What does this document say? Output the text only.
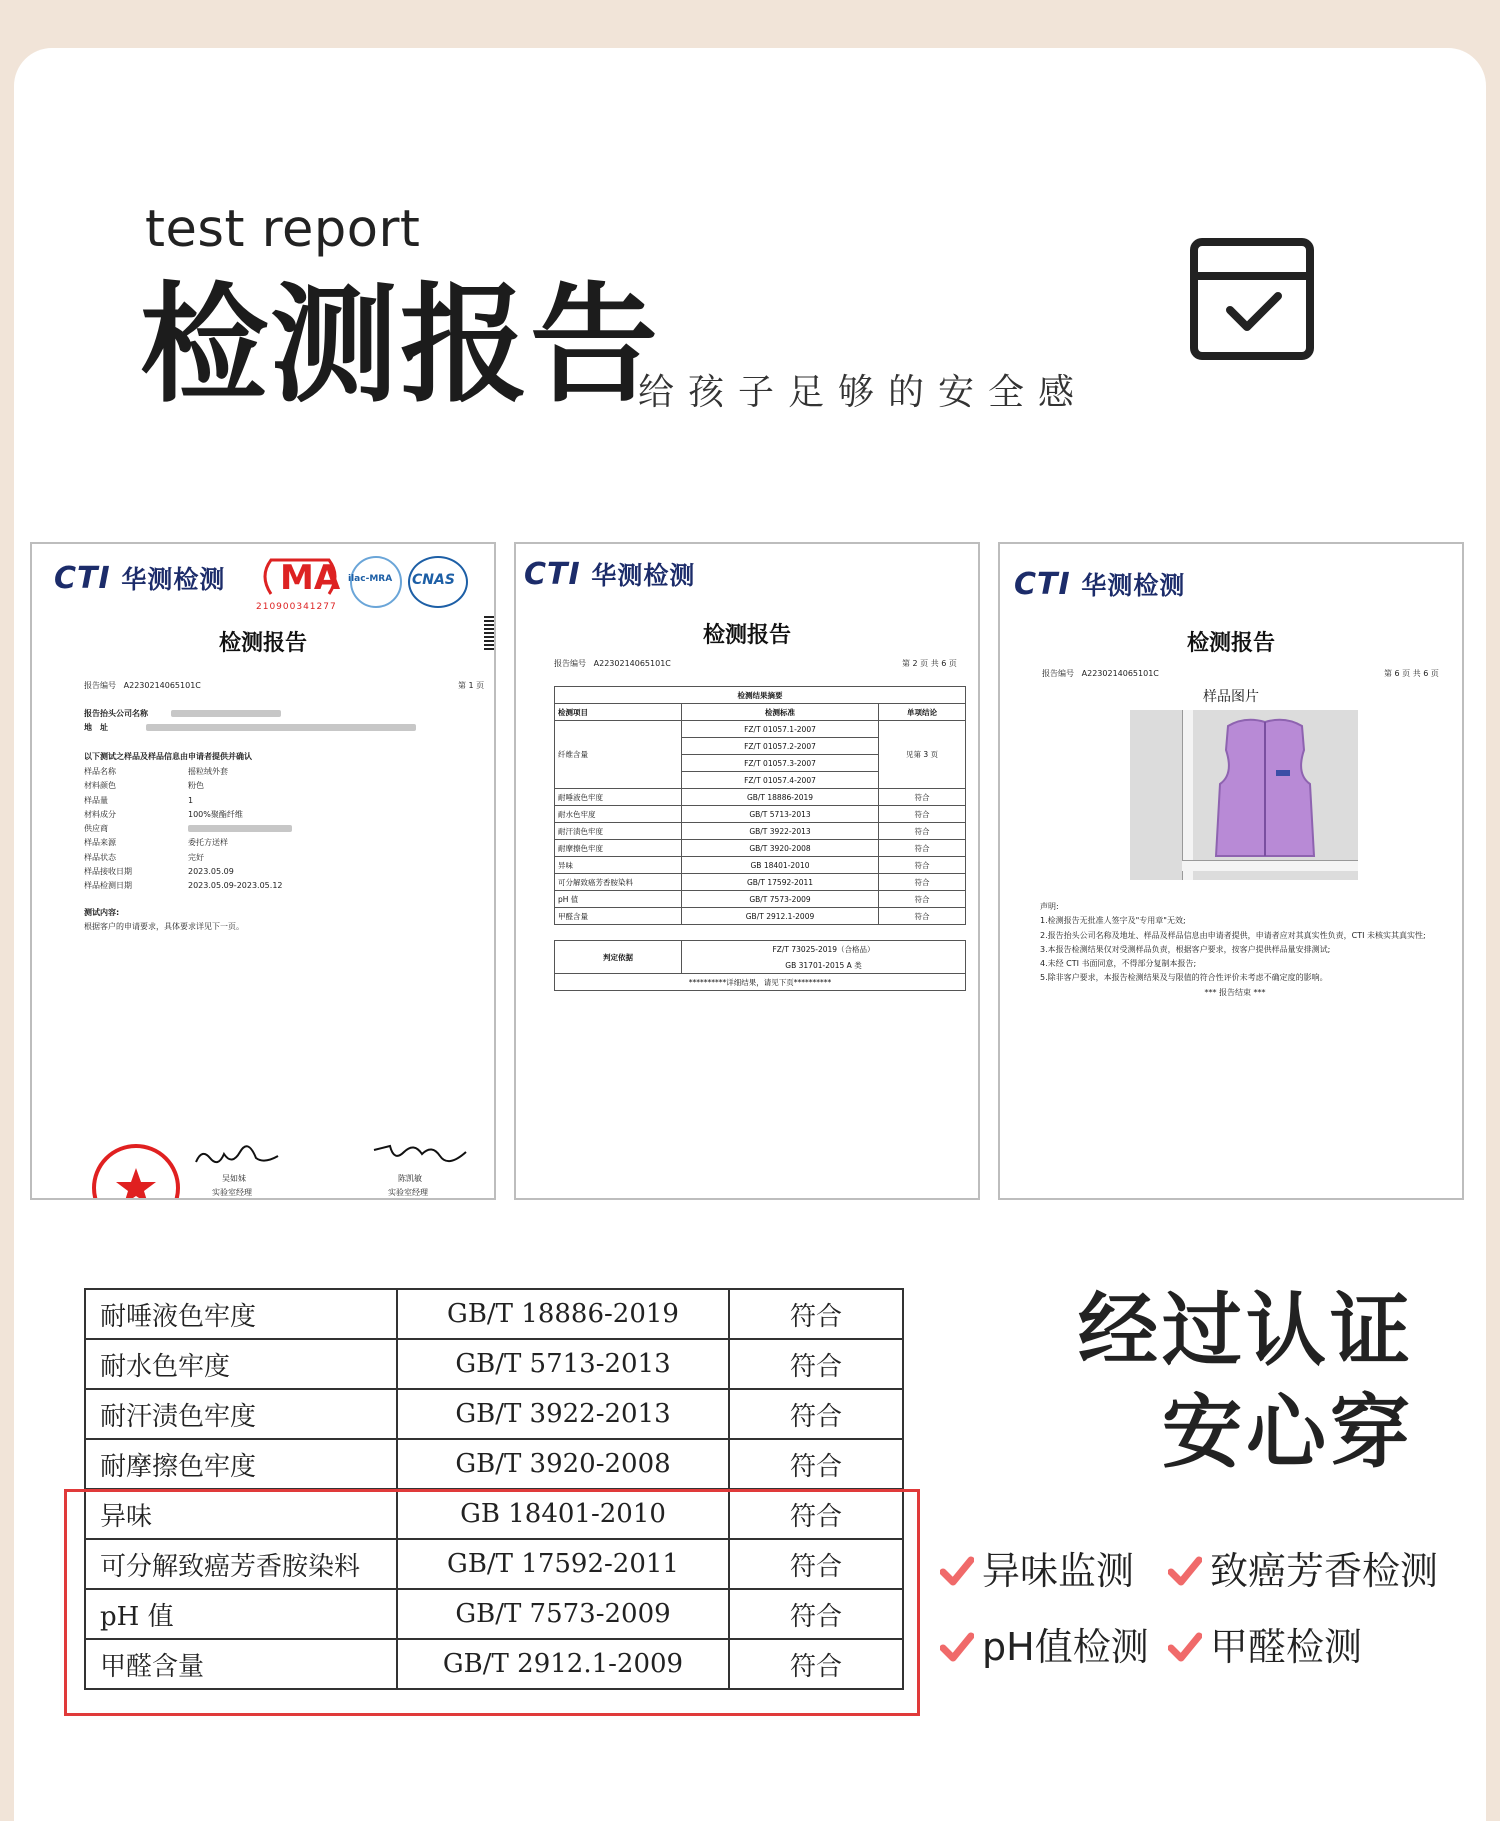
test report
检测报告
给孩子足够的安全感
CTI 华测检测 MA
210900341277
ilac-MRA CNAS
检测报告
报告编号 A2230214065101C	第 1 页
报告抬头公司名称
地　址
以下测试之样品及样品信息由申请者提供并确认
样品名称	摇粒绒外套
材料颜色	粉色
样品量	1
材料成分	100%聚酯纤维
供应商
样品来源	委托方送样
样品状态	完好
样品接收日期	2023.05.09
样品检测日期	2023.05.09-2023.05.12
测试内容:
根据客户的申请要求，具体要求详见下一页。
吴如妹
实验室经理
陈凯敏
实验室经理
CTI 华测检测
检测报告
报告编号 A2230214065101C	第 2 页 共 6 页
检测结果摘要		
检测项目	检测标准	单项结论
纤维含量	FZ/T 01057.1-2007	见第 3 页
	FZ/T 01057.2-2007	
	FZ/T 01057.3-2007	
	FZ/T 01057.4-2007	
耐唾液色牢度	GB/T 18886-2019	符合
耐水色牢度	GB/T 5713-2013	符合
耐汗渍色牢度	GB/T 3922-2013	符合
耐摩擦色牢度	GB/T 3920-2008	符合
异味	GB 18401-2010	符合
可分解致癌芳香胺染料	GB/T 17592-2011	符合
pH 值	GB/T 7573-2009	符合
甲醛含量	GB/T 2912.1-2009	符合
判定依据	FZ/T 73025-2019（合格品）
GB 31701-2015 A 类
**********详细结果，请见下页**********
CTI 华测检测
检测报告
报告编号 A2230214065101C	第 6 页 共 6 页
样品图片
声明:
1.检测报告无批准人签字及"专用章"无效;
2.报告抬头公司名称及地址、样品及样品信息由申请者提供，申请者应对其真实性负责，CTI 未核实其真实性;
3.本报告检测结果仅对受测样品负责，根据客户要求，按客户提供样品量安排测试;
4.未经 CTI 书面同意，不得部分复制本报告;
5.除非客户要求，本报告检测结果及与限值的符合性评价未考虑不确定度的影响。
*** 报告结束 ***
耐唾液色牢度	GB/T 18886-2019	符合
耐水色牢度	GB/T 5713-2013	符合
耐汗渍色牢度	GB/T 3922-2013	符合
耐摩擦色牢度	GB/T 3920-2008	符合
异味	GB 18401-2010	符合
可分解致癌芳香胺染料	GB/T 17592-2011	符合
pH 值	GB/T 7573-2009	符合
甲醛含量	GB/T 2912.1-2009	符合
经过认证
安心穿
异味监测	致癌芳香检测
pH值检测	甲醛检测
